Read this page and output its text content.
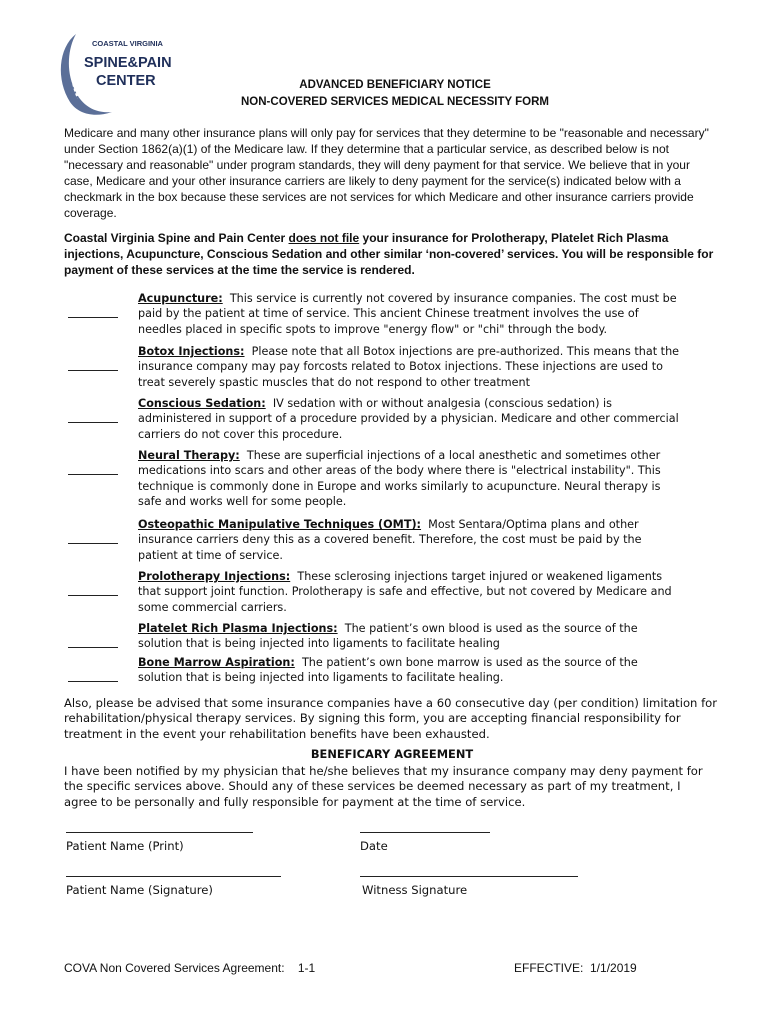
COASTAL VIRGINIA
SPINE&PAIN
CENTER	ADVANCED BENEFICIARY NOTICE
NON-COVERED SERVICES MEDICAL NECESSITY FORM
Medicare and many other insurance plans will only pay for services that they determine to be "reasonable and necessary" under Section 1862(a)(1) of the Medicare law. If they determine that a particular service, as described below is not "necessary and reasonable" under program standards, they will deny payment for that service. We believe that in your case, Medicare and your other insurance carriers are likely to deny payment for the service(s) indicated below with a checkmark in the box because these services are not services for which Medicare and other insurance carriers provide coverage.
Coastal Virginia Spine and Pain Center does not file your insurance for Prolotherapy, Platelet Rich Plasma injections, Acupuncture, Conscious Sedation and other similar ‘non-covered’ services. You will be responsible for payment of these services at the time the service is rendered.
Acupuncture: This service is currently not covered by insurance companies. The cost must be paid by the patient at time of service. This ancient Chinese treatment involves the use of needles placed in specific spots to improve "energy flow" or "chi" through the body.
Botox Injections: Please note that all Botox injections are pre-authorized. This means that the insurance company may pay forcosts related to Botox injections. These injections are used to treat severely spastic muscles that do not respond to other treatment
Conscious Sedation: IV sedation with or without analgesia (conscious sedation) is administered in support of a procedure provided by a physician. Medicare and other commercial carriers do not cover this procedure.
Neural Therapy: These are superficial injections of a local anesthetic and sometimes other medications into scars and other areas of the body where there is "electrical instability". This technique is commonly done in Europe and works similarly to acupuncture. Neural therapy is safe and works well for some people.
Osteopathic Manipulative Techniques (OMT): Most Sentara/Optima plans and other insurance carriers deny this as a covered benefit. Therefore, the cost must be paid by the patient at time of service.
Prolotherapy Injections: These sclerosing injections target injured or weakened ligaments that support joint function. Prolotherapy is safe and effective, but not covered by Medicare and some commercial carriers.
Platelet Rich Plasma Injections: The patient’s own blood is used as the source of the solution that is being injected into ligaments to facilitate healing
Bone Marrow Aspiration: The patient’s own bone marrow is used as the source of the solution that is being injected into ligaments to facilitate healing.
Also, please be advised that some insurance companies have a 60 consecutive day (per condition) limitation for rehabilitation/physical therapy services. By signing this form, you are accepting financial responsibility for treatment in the event your rehabilitation benefits have been exhausted.
BENEFICARY AGREEMENT
I have been notified by my physician that he/she believes that my insurance company may deny payment for the specific services above. Should any of these services be deemed necessary as part of my treatment, I agree to be personally and fully responsible for payment at the time of service.
Patient Name (Print)	Date
Patient Name (Signature)	Witness Signature
COVA Non Covered Services Agreement:    1-1	EFFECTIVE:  1/1/2019
